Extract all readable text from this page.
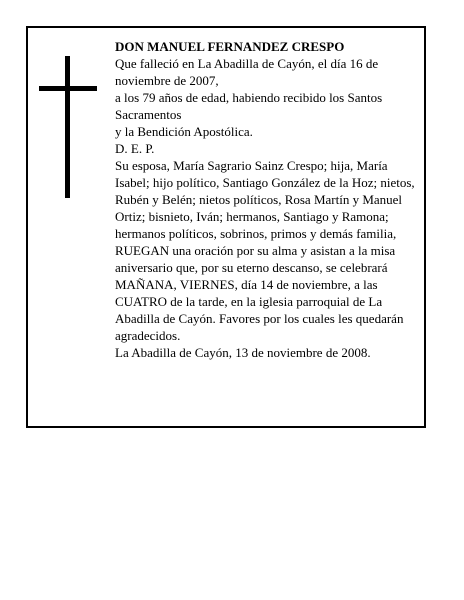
DON MANUEL FERNANDEZ CRESPO

Que falleció en La Abadilla de Cayón, el día 16 de noviembre de 2007,

a los 79 años de edad, habiendo recibido los Santos Sacramentos

y la Bendición Apostólica.

D. E. P.

Su esposa, María Sagrario Sainz Crespo; hija, María Isabel; hijo político, Santiago González de la Hoz; nietos, Rubén y Belén; nietos políticos, Rosa Martín y Manuel Ortiz; bisnieto, Iván; hermanos, Santiago y Ramona; hermanos políticos, sobrinos, primos y demás familia,

RUEGAN una oración por su alma y asistan a la misa aniversario que, por su eterno descanso, se celebrará MAÑANA, VIERNES, día 14 de noviembre, a las CUATRO de la tarde, en la iglesia parroquial de La Abadilla de Cayón. Favores por los cuales les quedarán agradecidos.

La Abadilla de Cayón, 13 de noviembre de 2008.
